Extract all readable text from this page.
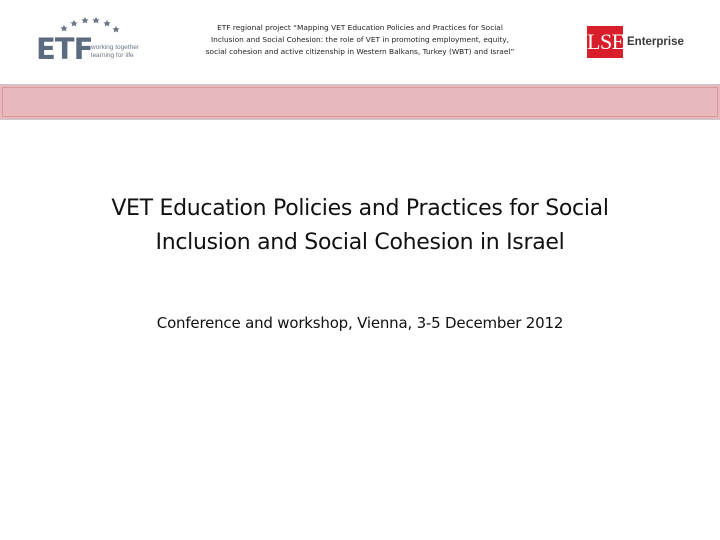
ETF
working together
learning for life
ETF regional project “Mapping VET Education Policies and Practices for Social
Inclusion and Social Cohesion: the role of VET in promoting employment, equity,
social cohesion and active citizenship in Western Balkans, Turkey (WBT) and Israel”	LSE Enterprise
VET Education Policies and Practices for Social
Inclusion and Social Cohesion in Israel
Conference and workshop, Vienna, 3-5 December 2012
